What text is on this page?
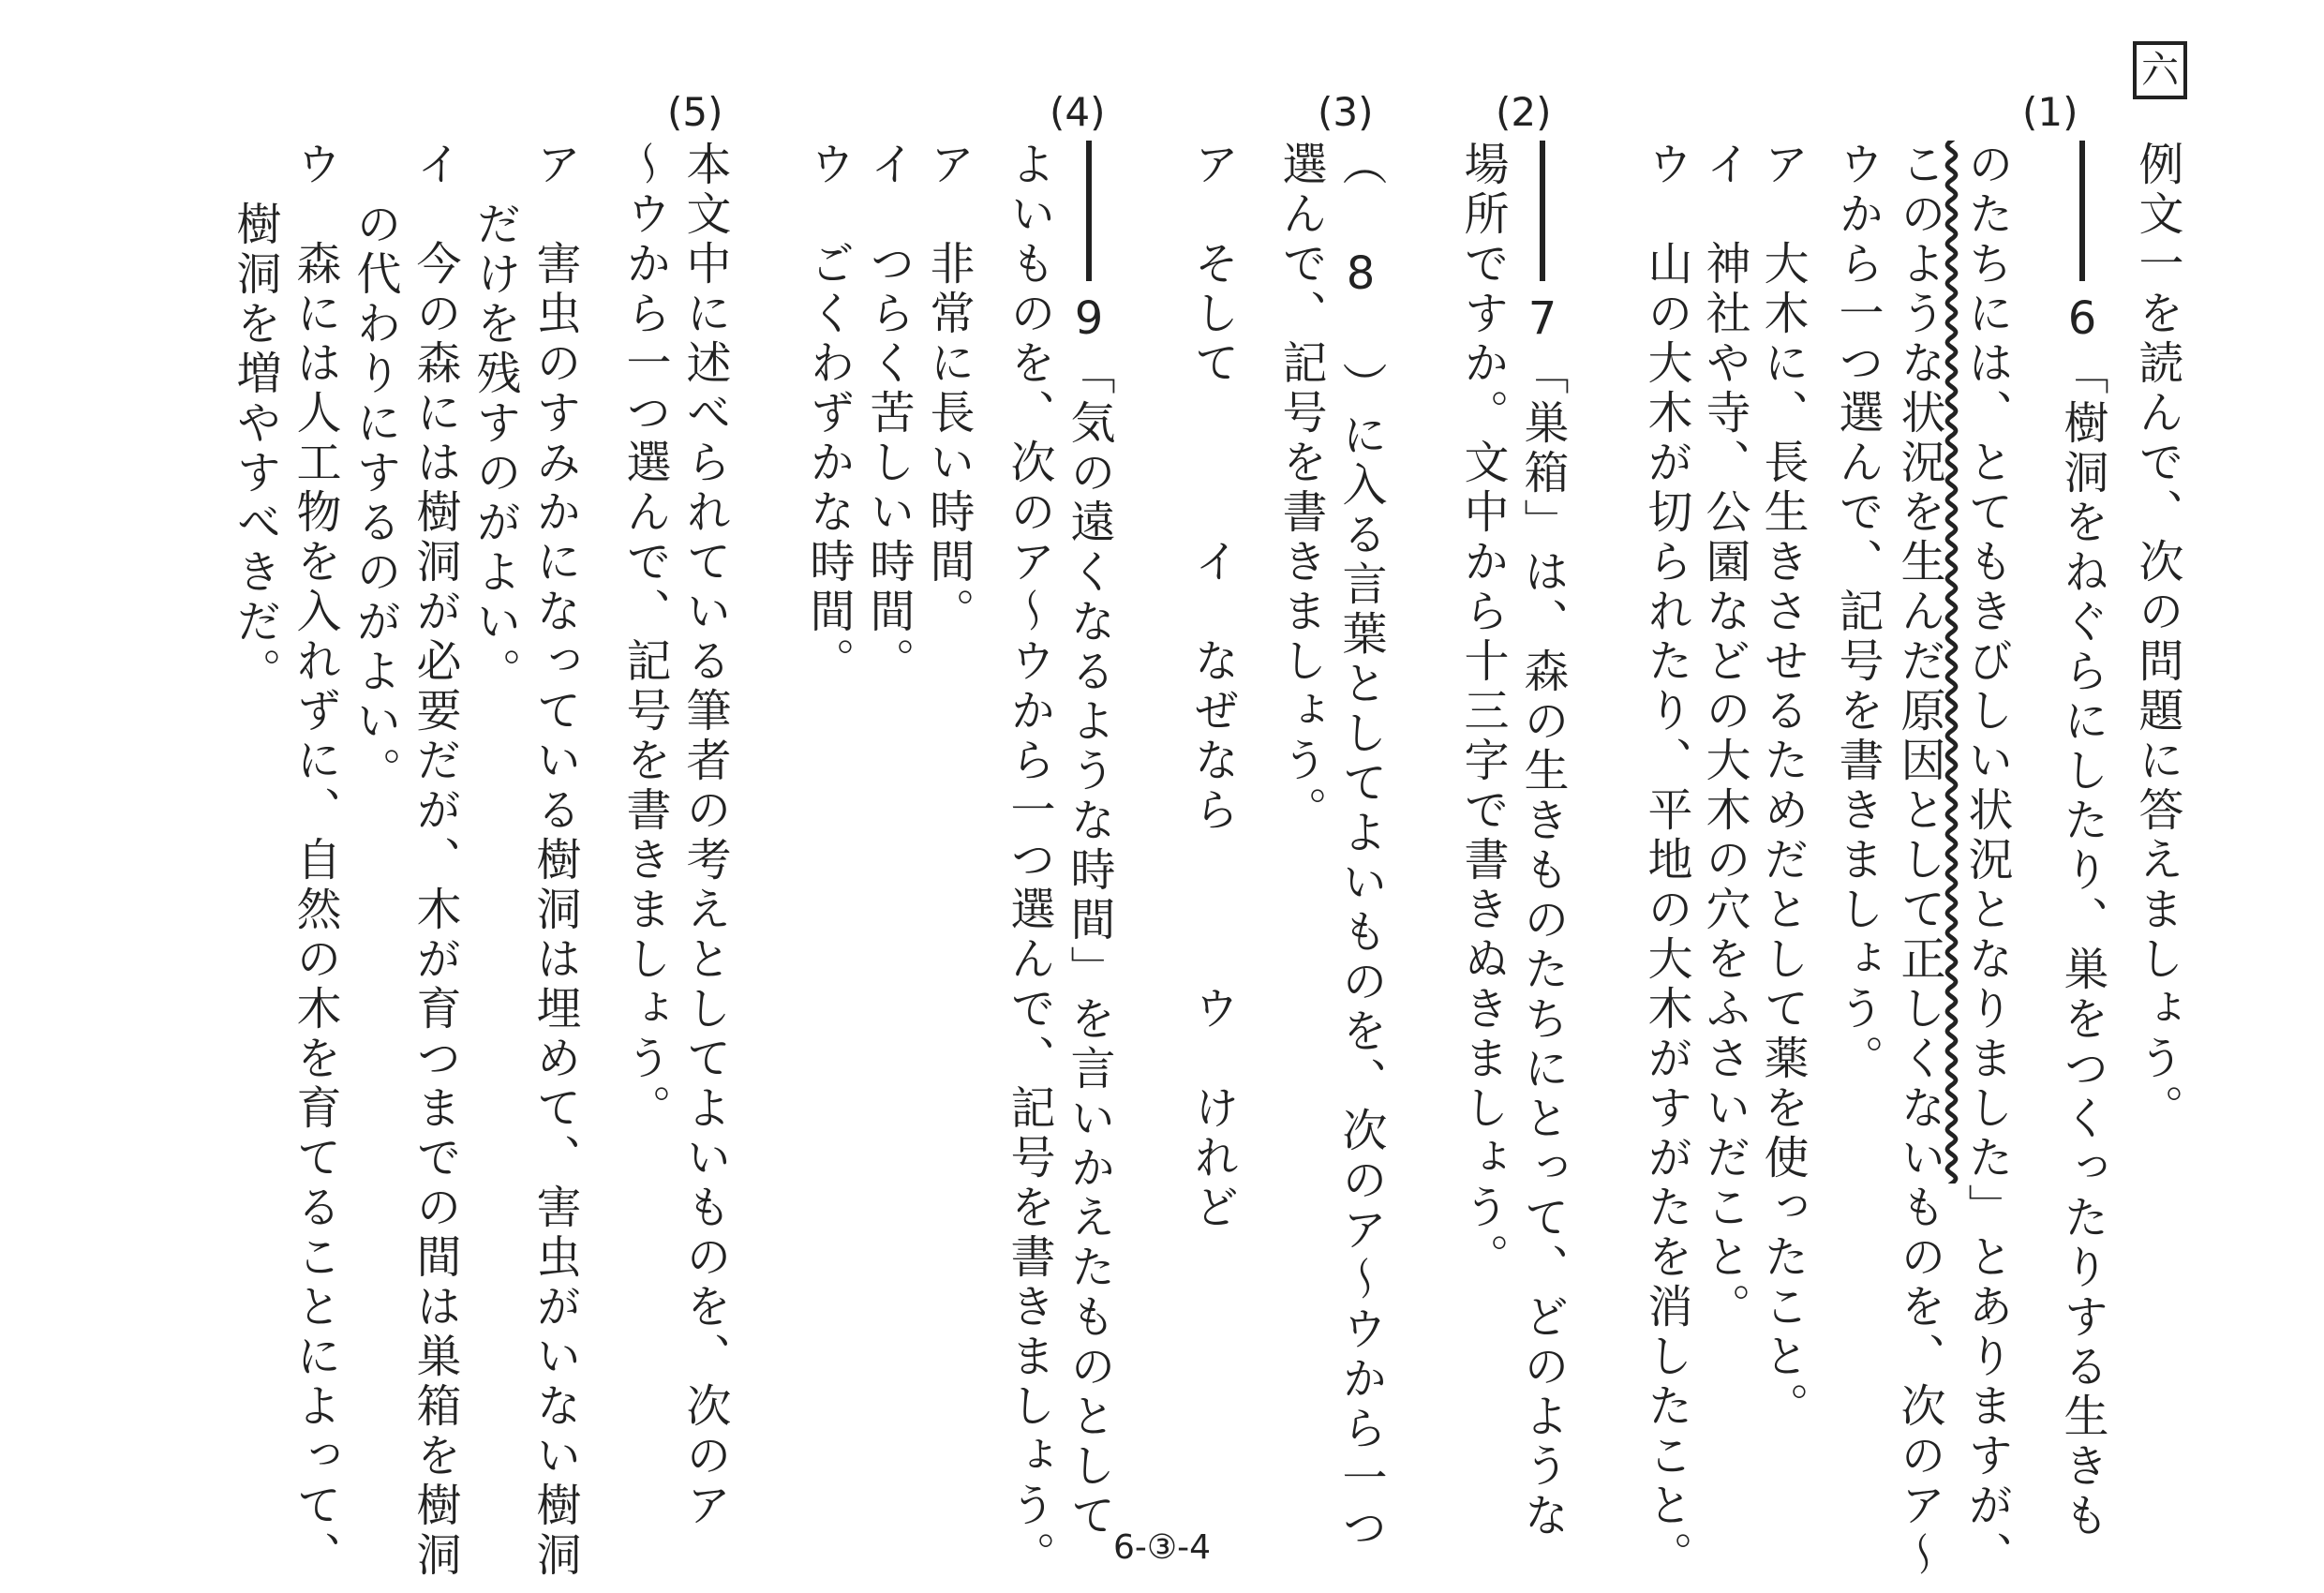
六
例文一を読んで、次の問題に答えましょう。
(1)
6「樹洞をねぐらにしたり、巣をつくったりする生きも
のたちには、とてもきびしい状況となりました」とありますが、
このような状況を生んだ原因として正しくないものを、次のア～
ウから一つ選んで、記号を書きましょう。
ア　大木に、長生きさせるためだとして薬を使ったこと。
イ　神社や寺、公園などの大木の穴をふさいだこと。
ウ　山の大木が切られたり、平地の大木がすがたを消したこと。
(2)
7「巣箱」は、森の生きものたちにとって、どのような
場所ですか。文中から十三字で書きぬきましょう。
(3)
（ 8 ）に入る言葉としてよいものを、次のア～ウから一つ
選んで、記号を書きましょう。
ア　そして　　　イ　なぜなら　　　ウ　けれど
(4)
9「気の遠くなるような時間」を言いかえたものとして
よいものを、次のア～ウから一つ選んで、記号を書きましょう。
ア　非常に長い時間。
イ　つらく苦しい時間。
ウ　ごくわずかな時間。
(5)
本文中に述べられている筆者の考えとしてよいものを、次のア
～ウから一つ選んで、記号を書きましょう。
ア　害虫のすみかになっている樹洞は埋めて、害虫がいない樹洞
だけを残すのがよい。
イ　今の森には樹洞が必要だが、木が育つまでの間は巣箱を樹洞
の代わりにするのがよい。
ウ　森には人工物を入れずに、自然の木を育てることによって、
樹洞を増やすべきだ。
6-③-4
